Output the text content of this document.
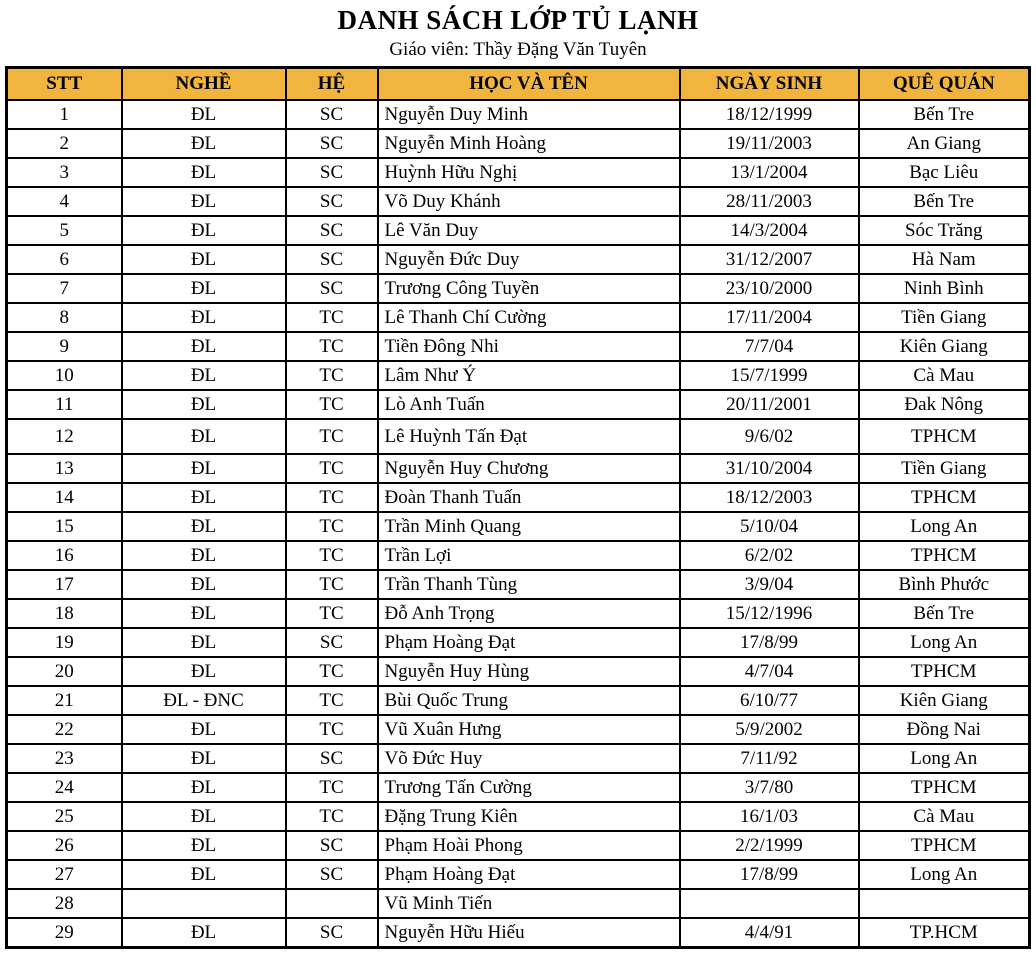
DANH SÁCH LỚP TỦ LẠNH
Giáo viên: Thầy Đặng Văn Tuyên
STT	NGHỀ	HỆ	HỌC VÀ TÊN	NGÀY SINH	QUÊ QUÁN
1	ĐL	SC	Nguyễn Duy Minh	18/12/1999	Bến Tre
2	ĐL	SC	Nguyễn Minh Hoàng	19/11/2003	An Giang
3	ĐL	SC	Huỳnh Hữu Nghị	13/1/2004	Bạc Liêu
4	ĐL	SC	Võ Duy Khánh	28/11/2003	Bến Tre
5	ĐL	SC	Lê Văn Duy	14/3/2004	Sóc Trăng
6	ĐL	SC	Nguyễn Đức Duy	31/12/2007	Hà Nam
7	ĐL	SC	Trương Công Tuyền	23/10/2000	Ninh Bình
8	ĐL	TC	Lê Thanh Chí Cường	17/11/2004	Tiền Giang
9	ĐL	TC	Tiền Đông Nhi	7/7/04	Kiên Giang
10	ĐL	TC	Lâm Như Ý	15/7/1999	Cà Mau
11	ĐL	TC	Lò Anh Tuấn	20/11/2001	Đak Nông
12	ĐL	TC	Lê Huỳnh Tấn Đạt	9/6/02	TPHCM
13	ĐL	TC	Nguyễn Huy Chương	31/10/2004	Tiền Giang
14	ĐL	TC	Đoàn Thanh Tuấn	18/12/2003	TPHCM
15	ĐL	TC	Trần Minh Quang	5/10/04	Long An
16	ĐL	TC	Trần Lợi	6/2/02	TPHCM
17	ĐL	TC	Trần Thanh Tùng	3/9/04	Bình Phước
18	ĐL	TC	Đỗ Anh Trọng	15/12/1996	Bến Tre
19	ĐL	SC	Phạm Hoàng Đạt	17/8/99	Long An
20	ĐL	TC	Nguyễn Huy Hùng	4/7/04	TPHCM
21	ĐL - ĐNC	TC	Bùi Quốc Trung	6/10/77	Kiên Giang
22	ĐL	TC	Vũ Xuân Hưng	5/9/2002	Đồng Nai
23	ĐL	SC	Võ Đức Huy	7/11/92	Long An
24	ĐL	TC	Trương Tấn Cường	3/7/80	TPHCM
25	ĐL	TC	Đặng Trung Kiên	16/1/03	Cà Mau
26	ĐL	SC	Phạm Hoài Phong	2/2/1999	TPHCM
27	ĐL	SC	Phạm Hoàng Đạt	17/8/99	Long An
28			Vũ Minh Tiến		
29	ĐL	SC	Nguyễn Hữu Hiếu	4/4/91	TP.HCM
